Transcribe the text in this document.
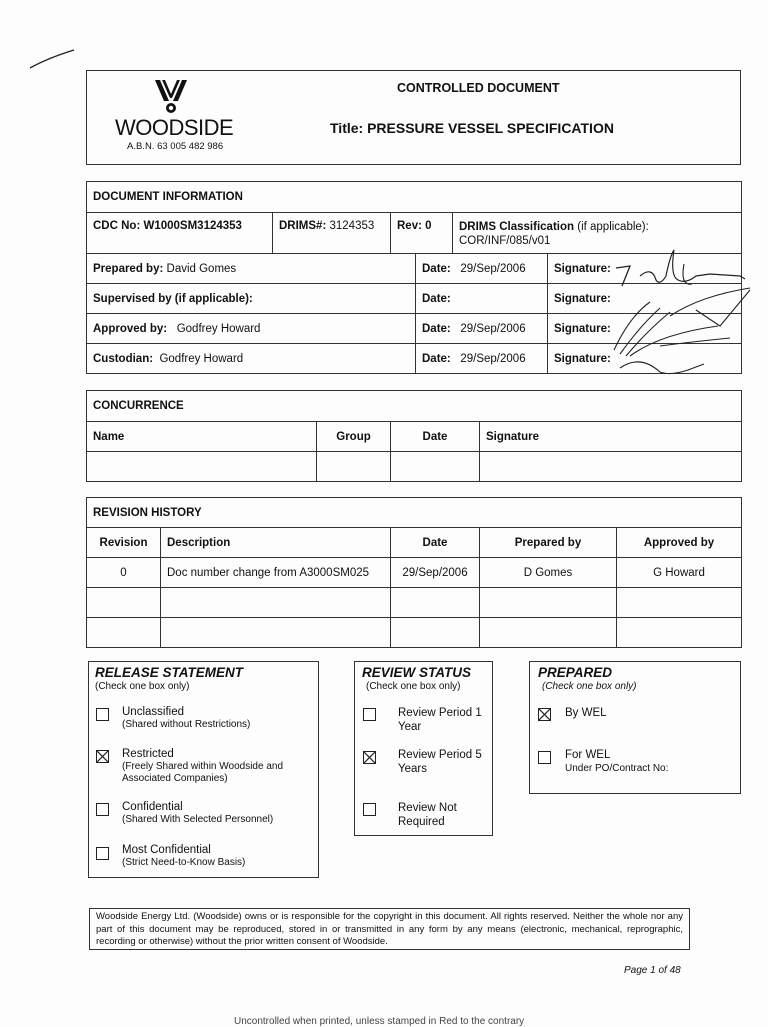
WOODSIDE
A.B.N. 63 005 482 986
CONTROLLED DOCUMENT
Title: PRESSURE VESSEL SPECIFICATION
DOCUMENT INFORMATION
CDC No: W1000SM3124353	DRIMS#: 3124353	Rev: 0	DRIMS Classification (if applicable):
COR/INF/085/v01
Prepared by: David Gomes	Date: 29/Sep/2006	Signature:
Supervised by (if applicable):	Date:	Signature:
Approved by: Godfrey Howard	Date: 29/Sep/2006	Signature:
Custodian: Godfrey Howard	Date: 29/Sep/2006	Signature:
CONCURRENCE			
Name	Group	Date	Signature

REVISION HISTORY				
Revision	Description	Date	Prepared by	Approved by
0	Doc number change from A3000SM025	29/Sep/2006	D Gomes	G Howard

RELEASE STATEMENT
(Check one box only)
Unclassified
(Shared without Restrictions)
Restricted
(Freely Shared within Woodside and Associated Companies)
Confidential
(Shared With Selected Personnel)
Most Confidential
(Strict Need-to-Know Basis)
REVIEW STATUS
(Check one box only)
Review Period 1 Year
Review Period 5 Years
Review Not Required
PREPARED
(Check one box only)
By WEL
For WEL
Under PO/Contract No:
Woodside Energy Ltd. (Woodside) owns or is responsible for the copyright in this document. All rights reserved. Neither the whole nor any part of this document may be reproduced, stored in or transmitted in any form by any means (electronic, mechanical, reprographic, recording or otherwise) without the prior written consent of Woodside.
Page 1 of 48
Uncontrolled when printed, unless stamped in Red to the contrary
